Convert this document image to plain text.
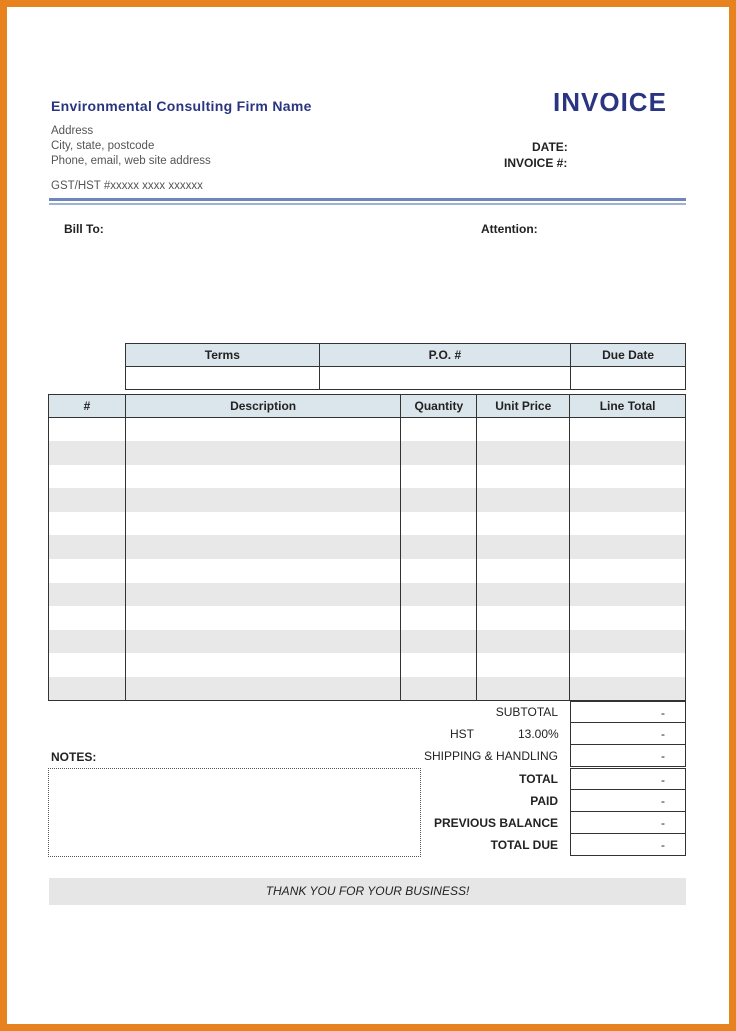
Environmental Consulting Firm Name	INVOICE
Address
City, state, postcode
Phone, email, web site address
GST/HST #xxxxx xxxx xxxxxx
DATE:
INVOICE #:
Bill To:	Attention:
Terms	P.O. #	Due Date

#	Description	Quantity	Unit Price	Line Total

SUBTOTAL	-
HST	13.00%	-
SHIPPING & HANDLING	-
TOTAL	-
PAID	-
PREVIOUS BALANCE	-
TOTAL DUE	-
NOTES:
THANK YOU FOR YOUR BUSINESS!
